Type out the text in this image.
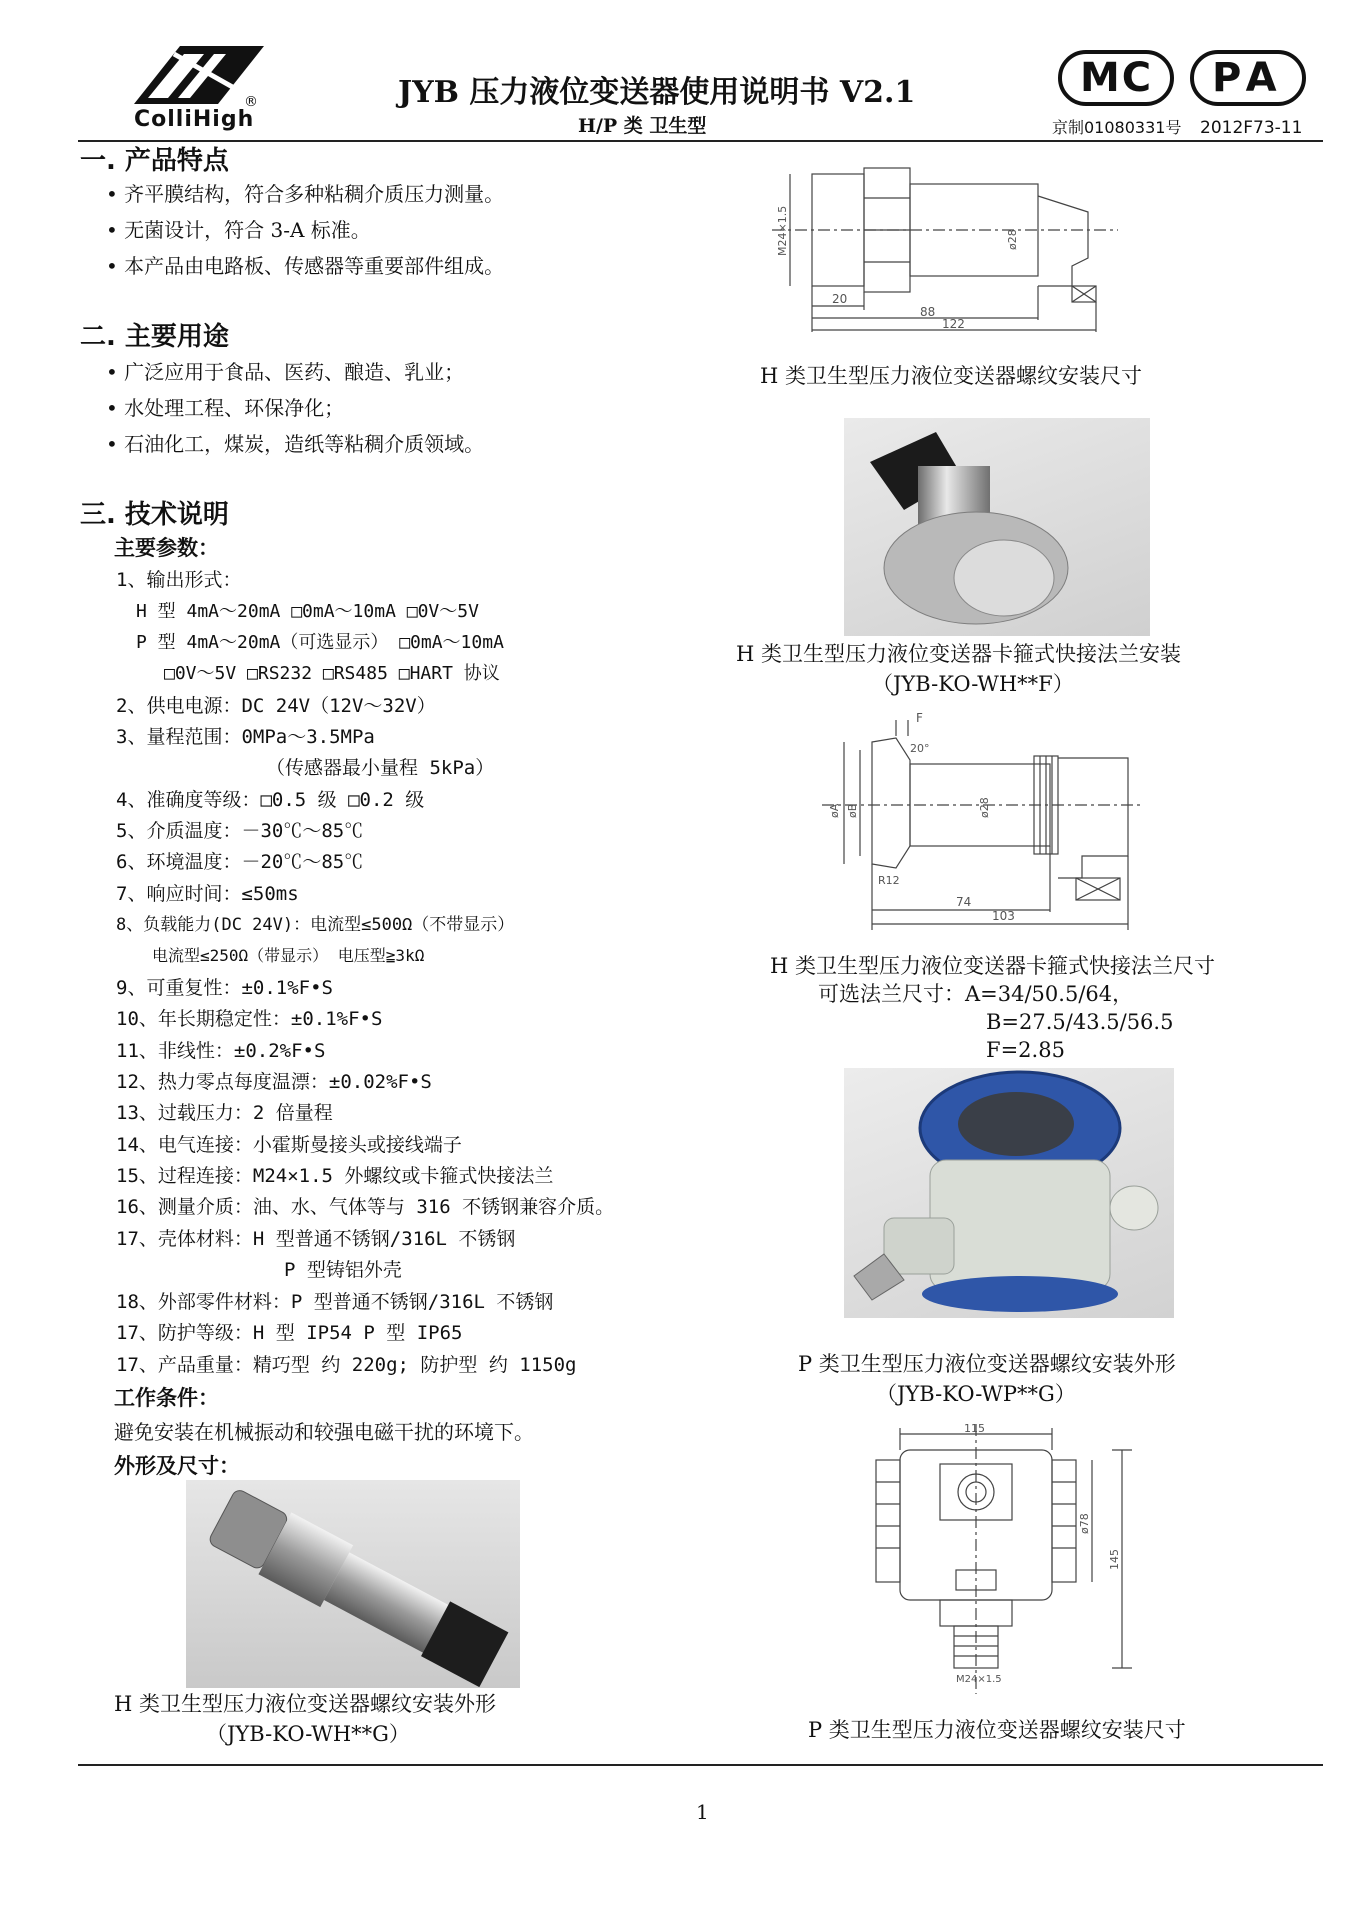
®
ColliHigh
JYB 压力液位变送器使用说明书 V2.1
H/P 类 卫生型
MC PA
京制01080331号 2012F73-11
一. 产品特点
• 齐平膜结构，符合多种粘稠介质压力测量。
• 无菌设计，符合 3-A 标准。
• 本产品由电路板、传感器等重要部件组成。
二. 主要用途
• 广泛应用于食品、医药、酿造、乳业；
• 水处理工程、环保净化；
• 石油化工，煤炭，造纸等粘稠介质领域。
三. 技术说明
主要参数：
1、输出形式：
H 型 4mA～20mA □0mA～10mA □0V～5V
P 型 4mA～20mA（可选显示） □0mA～10mA
□0V～5V □RS232 □RS485 □HART 协议
2、供电电源：DC 24V（12V～32V）
3、量程范围：0MPa～3.5MPa
（传感器最小量程 5kPa）
4、准确度等级：□0.5 级 □0.2 级
5、介质温度：－30℃～85℃
6、环境温度：－20℃～85℃
7、响应时间：≤50ms
8、负载能力(DC 24V)：电流型≤500Ω（不带显示）
电流型≤250Ω（带显示） 电压型≧3kΩ
9、可重复性：±0.1%F•S
10、年长期稳定性：±0.1%F•S
11、非线性：±0.2%F•S
12、热力零点每度温漂：±0.02%F•S
13、过载压力：2 倍量程
14、电气连接：小霍斯曼接头或接线端子
15、过程连接：M24×1.5 外螺纹或卡箍式快接法兰
16、测量介质：油、水、气体等与 316 不锈钢兼容介质。
17、壳体材料：H 型普通不锈钢/316L 不锈钢
P 型铸铝外壳
18、外部零件材料：P 型普通不锈钢/316L 不锈钢
17、防护等级：H 型 IP54 P 型 IP65
17、产品重量：精巧型 约 220g; 防护型 约 1150g
工作条件：
避免安装在机械振动和较强电磁干扰的环境下。
外形及尺寸：
H 类卫生型压力液位变送器螺纹安装外形
（JYB-KO-WH**G）
20
88
122
M24×1.5	ø28
H 类卫生型压力液位变送器螺纹安装尺寸
H 类卫生型压力液位变送器卡箍式快接法兰安装
（JYB-KO-WH**F）
F
20°
øA øB	ø28
R12
74
103
H 类卫生型压力液位变送器卡箍式快接法兰尺寸
可选法兰尺寸：A=34/50.5/64，
B=27.5/43.5/56.5
F=2.85
P 类卫生型压力液位变送器螺纹安装外形
（JYB-KO-WP**G）
115
ø78
145
M24×1.5
P 类卫生型压力液位变送器螺纹安装尺寸
1
